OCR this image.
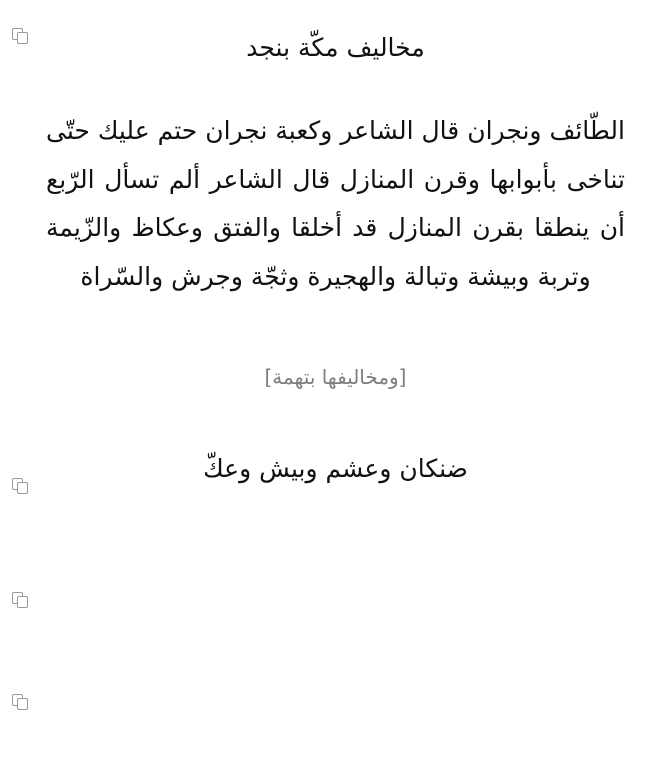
مخاليف مكّة بنجد
الطّائف ونجران قال الشاعر وكعبة نجران حتم عليك حتّى تناخى بأبوابها وقرن المنازل قال الشاعر ألم تسأل الرّبع أن ينطقا بقرن المنازل قد أخلقا والفتق وعكاظ والزّيمة وتربة وبيشة وتبالة والهجيرة وثجّة وجرش والسّراة
[ومخاليفها بتهمة]
ضنكان وعشم وبيش وعكّ
